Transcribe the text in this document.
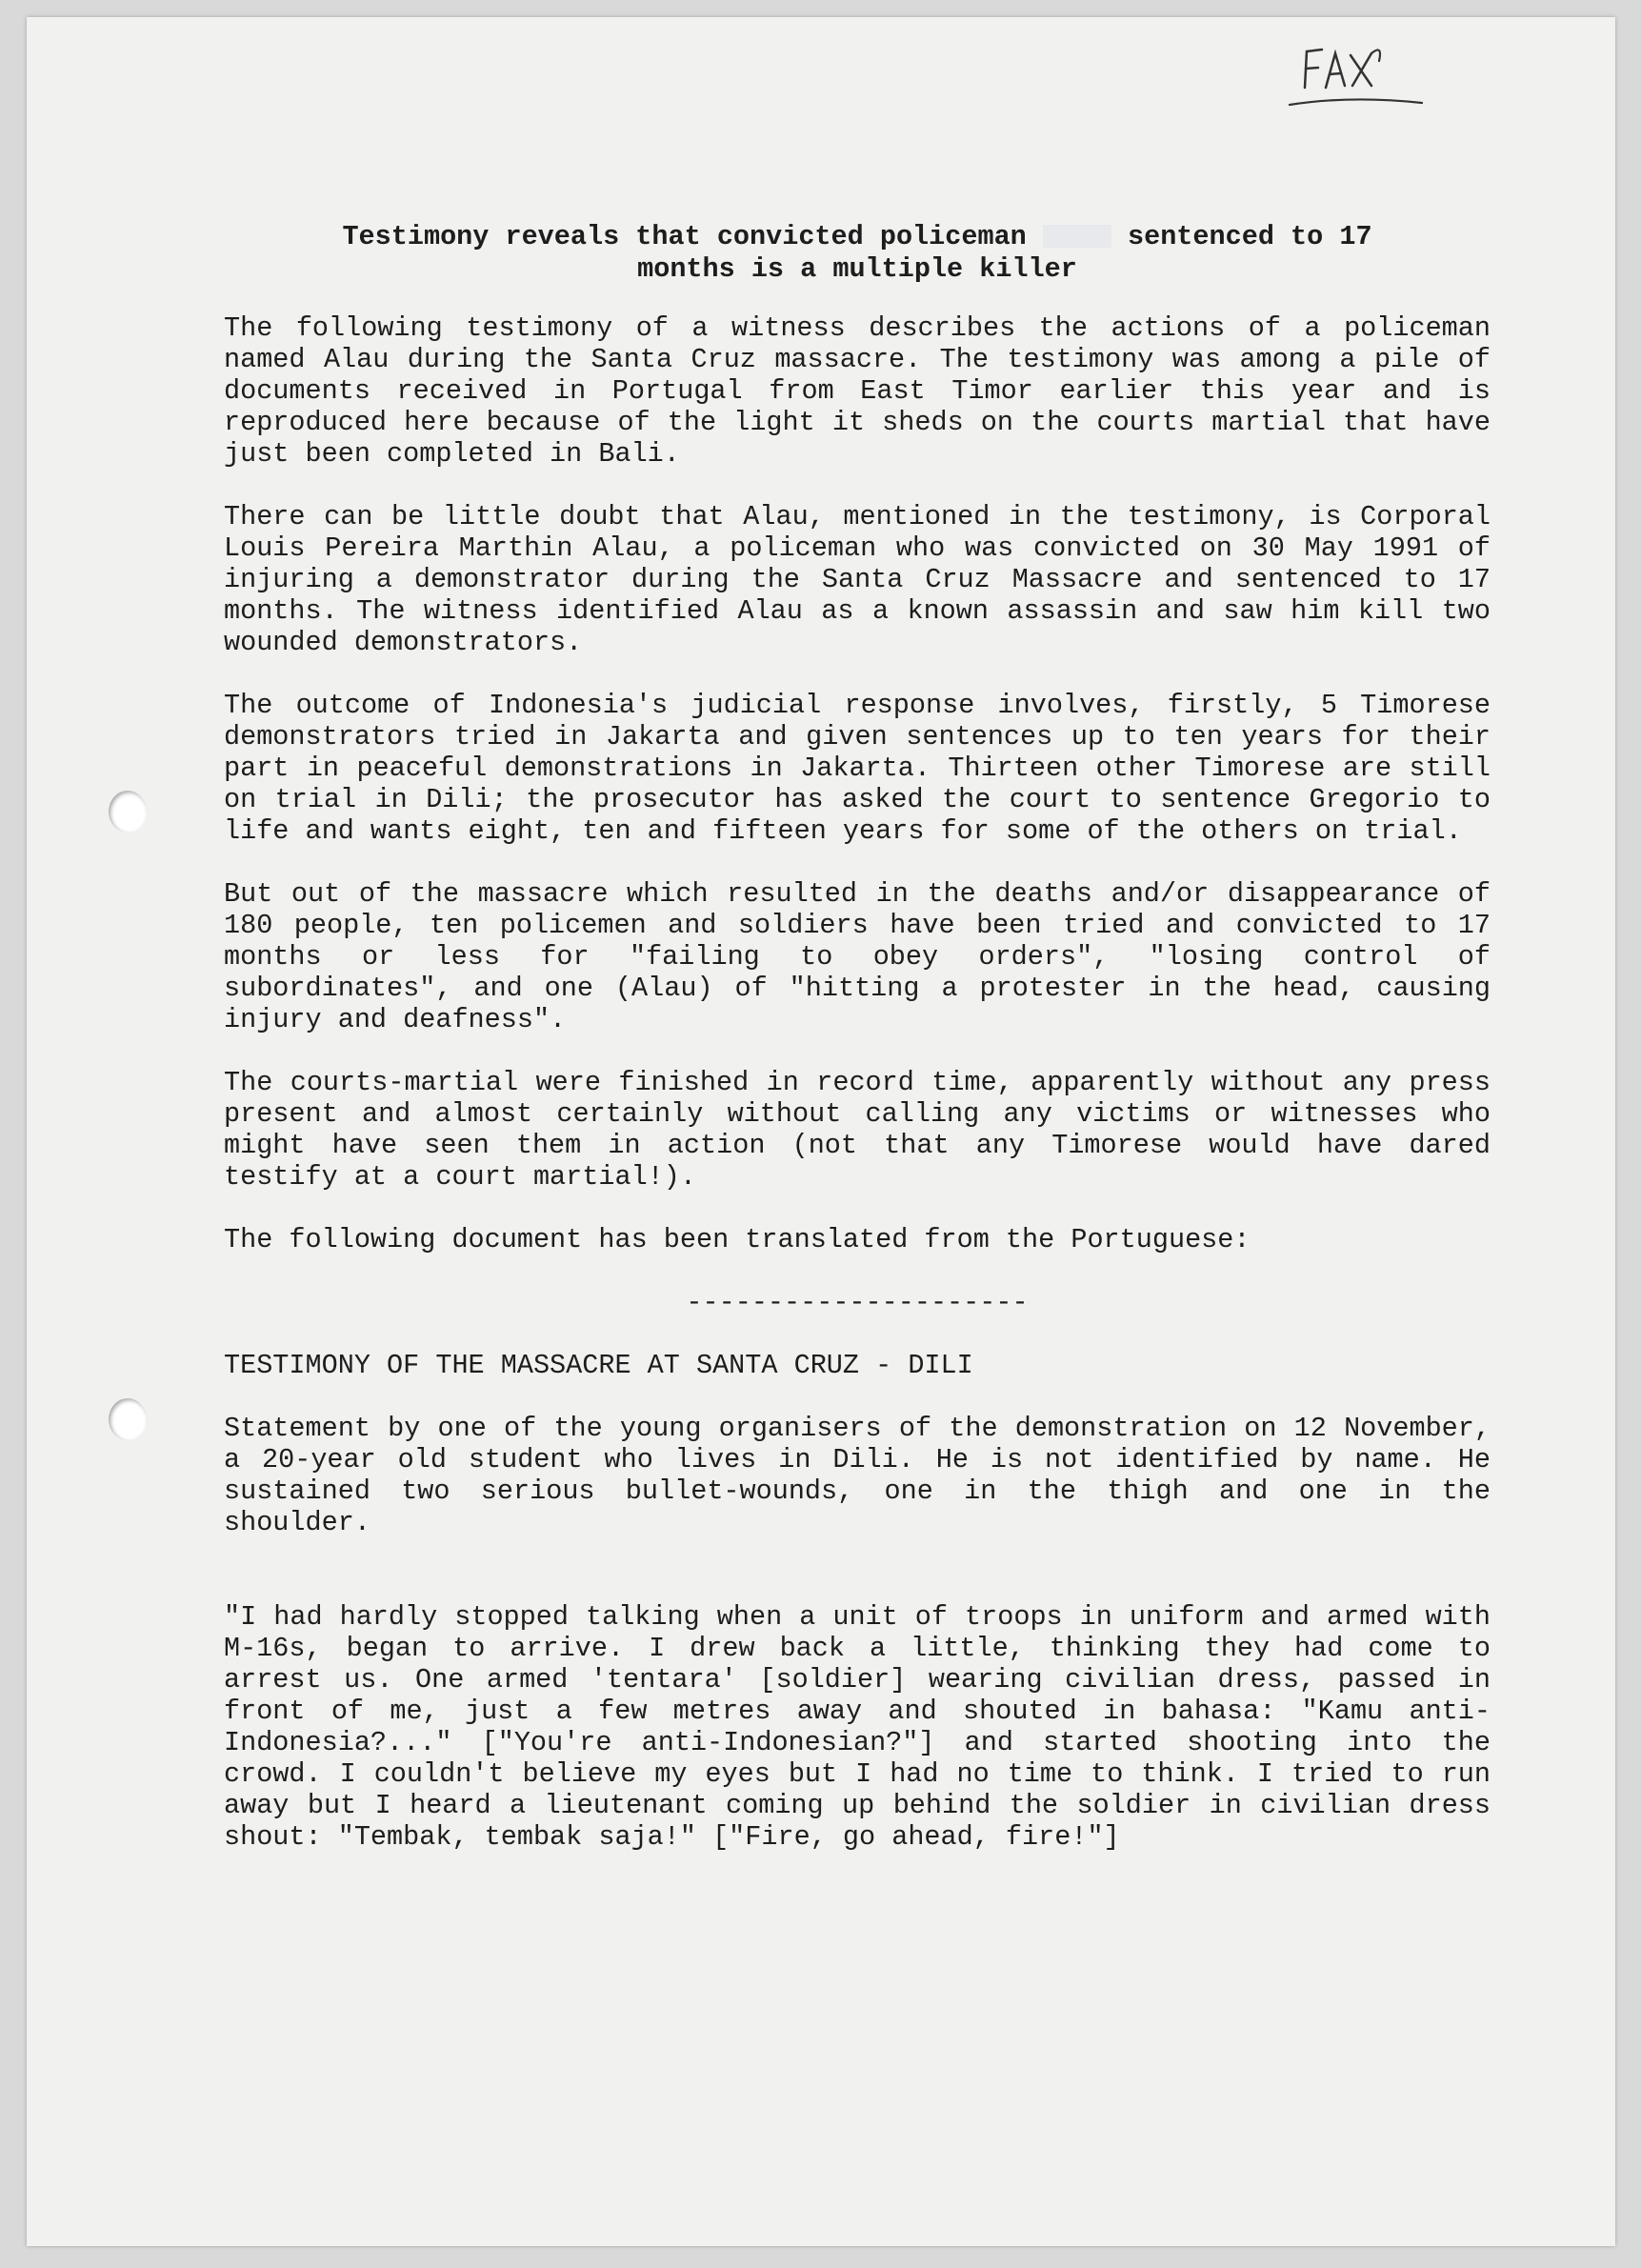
Testimony reveals that convicted policeman	sentenced to 17
months is a multiple killer

The following testimony of a witness describes the actions of a policeman named Alau during the Santa Cruz massacre. The testimony was among a pile of documents received in Portugal from East Timor earlier this year and is reproduced here because of the light it sheds on the courts martial that have just been completed in Bali.

There can be little doubt that Alau, mentioned in the testimony, is Corporal Louis Pereira Marthin Alau, a policeman who was convicted on 30 May 1991 of injuring a demonstrator during the Santa Cruz Massacre and sentenced to 17 months. The witness identified Alau as a known assassin and saw him kill two wounded demonstrators.

The outcome of Indonesia's judicial response involves, firstly, 5 Timorese demonstrators tried in Jakarta and given sentences up to ten years for their part in peaceful demonstrations in Jakarta. Thirteen other Timorese are still on trial in Dili; the prosecutor has asked the court to sentence Gregorio to life and wants eight, ten and fifteen years for some of the others on trial.

But out of the massacre which resulted in the deaths and/or disappearance of 180 people, ten policemen and soldiers have been tried and convicted to 17 months or less for "failing to obey orders", "losing control of subordinates", and one (Alau) of "hitting a protester in the head, causing injury and deafness".

The courts-martial were finished in record time, apparently without any press present and almost certainly without calling any victims or witnesses who might have seen them in action (not that any Timorese would have dared testify at a court martial!).

The following document has been translated from the Portuguese:

---------------------
TESTIMONY OF THE MASSACRE AT SANTA CRUZ - DILI

Statement by one of the young organisers of the demonstration on 12 November, a 20-year old student who lives in Dili. He is not identified by name. He sustained two serious bullet-wounds, one in the thigh and one in the shoulder.

"I had hardly stopped talking when a unit of troops in uniform and armed with M-16s, began to arrive. I drew back a little, thinking they had come to arrest us. One armed 'tentara' [soldier] wearing civilian dress, passed in front of me, just a few metres away and shouted in bahasa: "Kamu anti-Indonesia?..." ["You're anti-Indonesian?"] and started shooting into the crowd. I couldn't believe my eyes but I had no time to think. I tried to run away but I heard a lieutenant coming up behind the soldier in civilian dress shout: "Tembak, tembak saja!" ["Fire, go ahead, fire!"]
